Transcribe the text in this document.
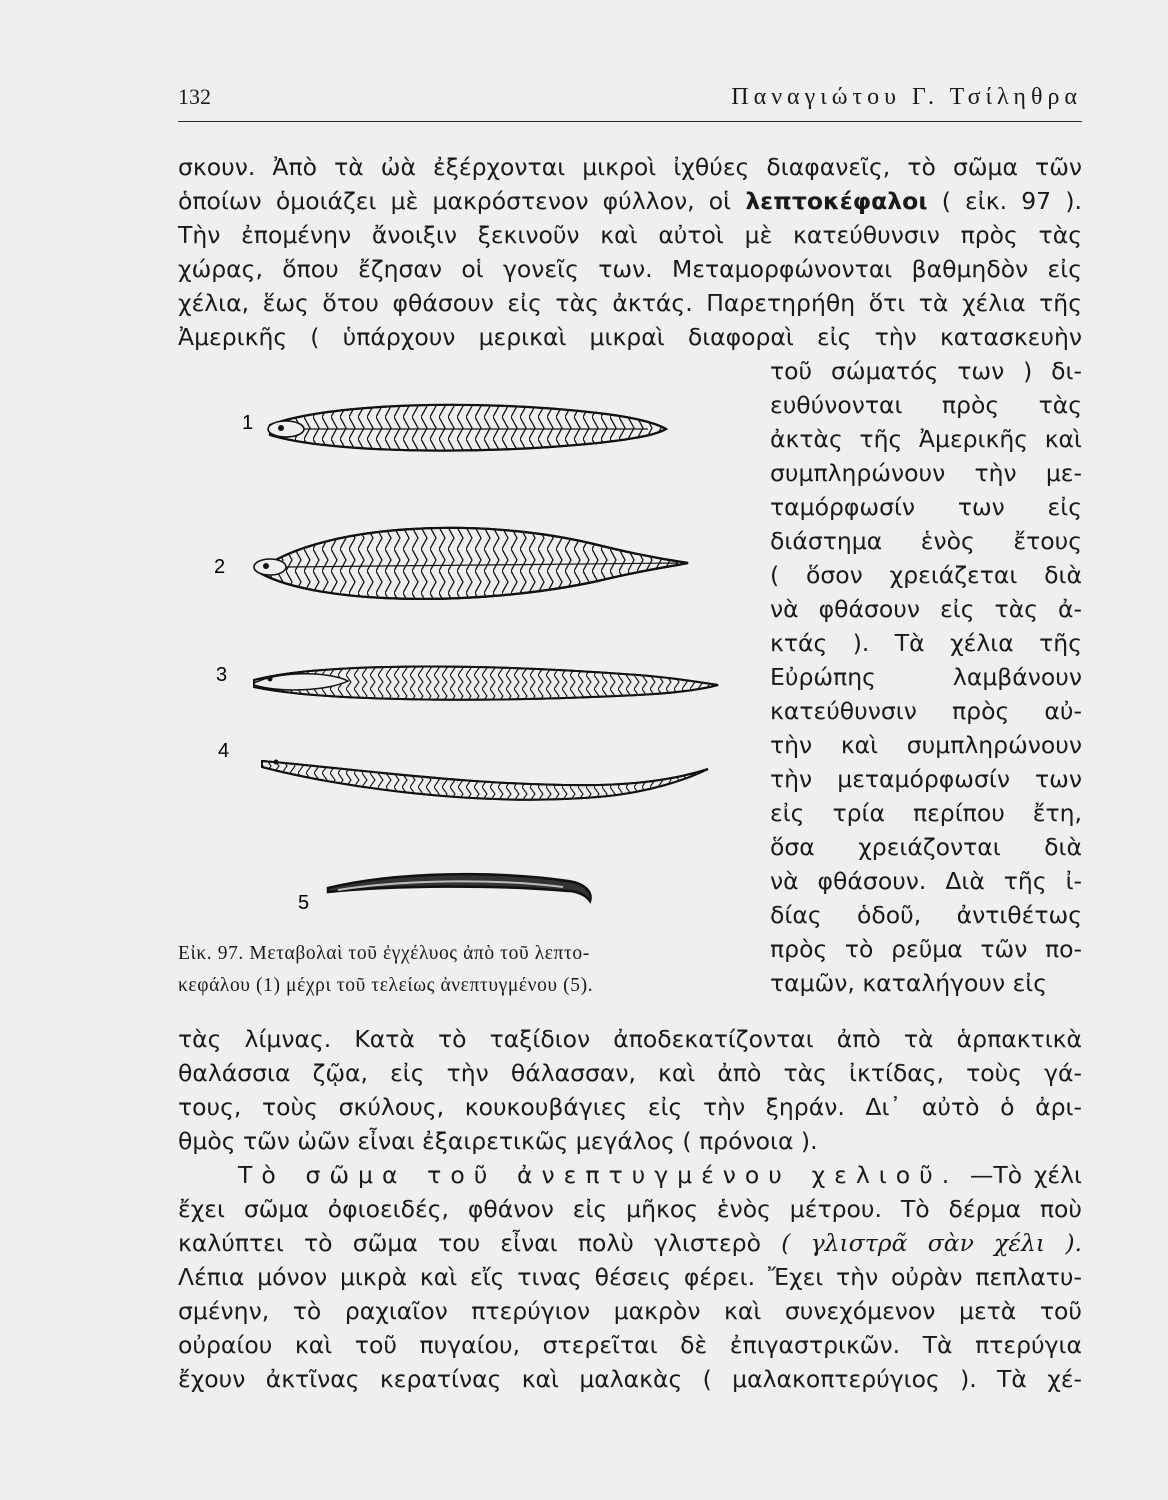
132	Παναγιώτου Γ. Τσίληθρα

σκουν. Ἀπὸ τὰ ὠὰ ἐξέρχονται μικροὶ ἰχθύες διαφανεῖς, τὸ σῶμα τῶν

ὁποίων ὁμοιάζει μὲ μακρόστενον φύλλον, οἱ λεπτοκέφαλοι ( εἰκ. 97 ).

Τὴν ἐπομένην ἄνοιξιν ξεκινοῦν καὶ αὐτοὶ μὲ κατεύθυνσιν πρὸς τὰς

χώρας, ὅπου ἔζησαν οἱ γονεῖς των. Μεταμορφώνονται βαθμηδὸν εἰς

χέλια, ἕως ὅτου φθάσουν εἰς τὰς ἀκτάς. Παρετηρήθη ὅτι τὰ χέλια τῆς

Ἀμερικῆς ( ὑπάρχουν μερικαὶ μικραὶ διαφοραὶ εἰς τὴν κατασκευὴν

τοῦ σώματός των ) δι-

ευθύνονται πρὸς τὰς

ἀκτὰς τῆς Ἀμερικῆς καὶ

συμπληρώνουν τὴν με-

ταμόρφωσίν των εἰς

διάστημα ἑνὸς ἔτους

( ὅσον χρειάζεται διὰ

νὰ φθάσουν εἰς τὰς ἀ-

κτάς ). Τὰ χέλια τῆς

Εὐρώπης λαμβάνουν

κατεύθυνσιν πρὸς αὐ-

τὴν καὶ συμπληρώνουν

τὴν μεταμόρφωσίν των

εἰς τρία περίπου ἔτη,

ὅσα χρειάζονται διὰ

νὰ φθάσουν. Διὰ τῆς ἰ-

δίας ὁδοῦ, ἀντιθέτως

πρὸς τὸ ρεῦμα τῶν πο-

ταμῶν, καταλήγουν εἰς

1
2
3
4
5

Εἰκ. 97. Μεταβολαὶ τοῦ ἐγχέλυος ἀπὸ τοῦ λεπτο-

κεφάλου (1) μέχρι τοῦ τελείως ἀνεπτυγμένου (5).

τὰς λίμνας. Κατὰ τὸ ταξίδιον ἀποδεκατίζονται ἀπὸ τὰ ἁρπακτικὰ

θαλάσσια ζῷα, εἰς τὴν θάλασσαν, καὶ ἀπὸ τὰς ἰκτίδας, τοὺς γά-

τους, τοὺς σκύλους, κουκουβάγιες εἰς τὴν ξηράν. Δι᾽ αὐτὸ ὁ ἀρι-

θμὸς τῶν ὠῶν εἶναι ἐξαιρετικῶς μεγάλος ( πρόνοια ).

Τὸ σῶμα τοῦ ἀνεπτυγμένου χελιοῦ. —Τὸ χέλι

ἔχει σῶμα ὀφιοειδές, φθάνον εἰς μῆκος ἑνὸς μέτρου. Τὸ δέρμα ποὺ

καλύπτει τὸ σῶμα του εἶναι πολὺ γλιστερὸ ( γλιστρᾶ σὰν χέλι ).

Λέπια μόνον μικρὰ καὶ εἴς τινας θέσεις φέρει. Ἔχει τὴν οὐρὰν πεπλατυ-

σμένην, τὸ ραχιαῖον πτερύγιον μακρὸν καὶ συνεχόμενον μετὰ τοῦ

οὐραίου καὶ τοῦ πυγαίου, στερεῖται δὲ ἐπιγαστρικῶν. Τὰ πτερύγια

ἔχουν ἀκτῖνας κερατίνας καὶ μαλακὰς ( μαλακοπτερύγιος ). Τὰ χέ-
